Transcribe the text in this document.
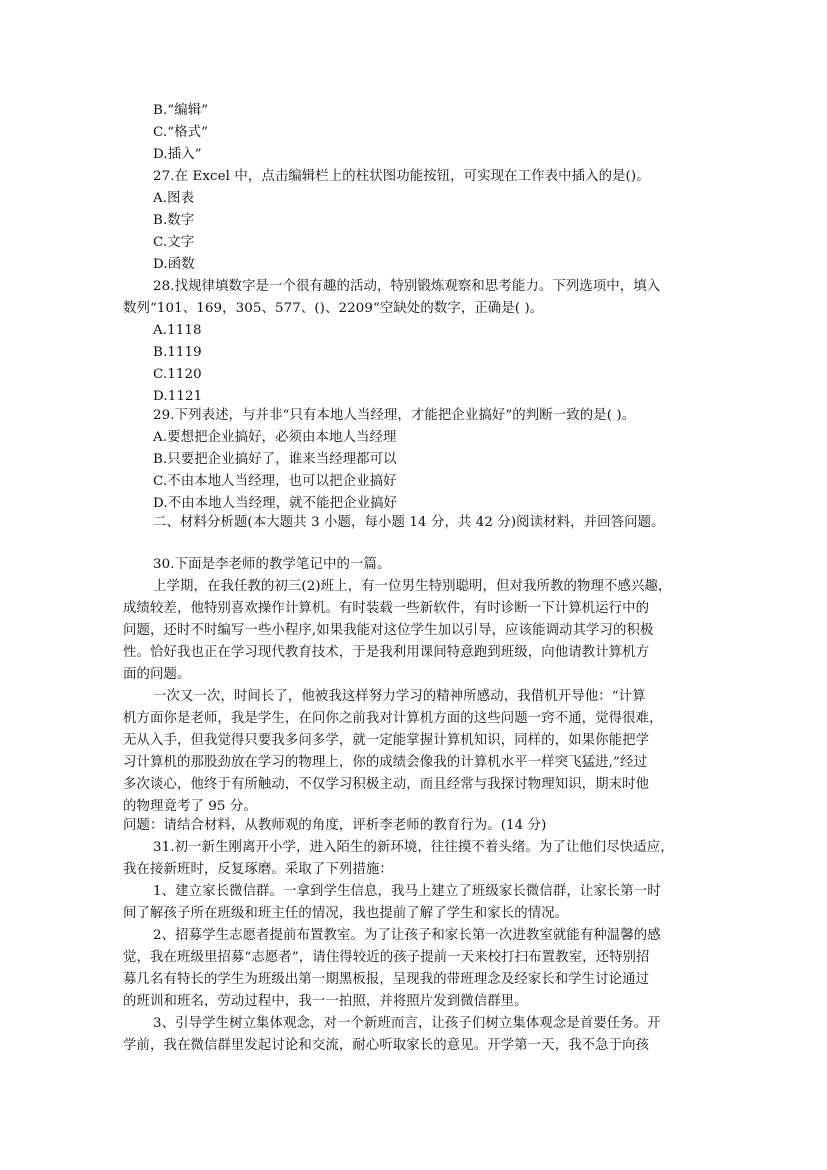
B.“编辑”
C.“格式”
D.插入”
27.在 Excel 中，点击编辑栏上的柱状图功能按钮，可实现在工作表中插入的是()。
A.图表
B.数字
C.文字
D.函数
28.找规律填数字是一个很有趣的活动，特别锻炼观察和思考能力。下列选项中，填入
数列“101、169，305、577、()、2209“空缺处的数字，正确是( )。
A.1118
B.1119
C.1120
D.1121
29.下列表述，与并非“只有本地人当经理，才能把企业搞好”的判断一致的是( )。
A.要想把企业搞好，必须由本地人当经理
B.只要把企业搞好了，谁来当经理都可以
C.不由本地人当经理，也可以把企业搞好
D.不由本地人当经理，就不能把企业搞好
二、材料分析题(本大题共 3 小题，每小题 14 分，共 42 分)阅读材料，并回答问题。
30.下面是李老师的教学笔记中的一篇。
上学期，在我任教的初三(2)班上，有一位男生特别聪明，但对我所教的物理不感兴趣，
成绩较差，他特别喜欢操作计算机。有时装载一些新软件，有时诊断一下计算机运行中的
问题，还时不时编写一些小程序,如果我能对这位学生加以引导，应该能调动其学习的积极
性。恰好我也正在学习现代教育技术，于是我利用课间特意跑到班级，向他请教计算机方
面的问题。
一次又一次，时间长了，他被我这样努力学习的精神所感动，我借机开导他：“计算
机方面你是老师，我是学生，在问你之前我对计算机方面的这些问题一窍不通，觉得很难，
无从入手，但我觉得只要我多问多学，就一定能掌握计算机知识，同样的，如果你能把学
习计算机的那股劲放在学习的物理上，你的成绩会像我的计算机水平一样突飞猛进,”经过
多次谈心，他终于有所触动，不仅学习积极主动，而且经常与我探讨物理知识，期末时他
的物理竟考了 95 分。
问题：请结合材料，从教师观的角度，评析李老师的教育行为。(14 分)
31.初一新生刚离开小学，进入陌生的新环境，往往摸不着头绪。为了让他们尽快适应，
我在接新班时，反复琢磨。采取了下列措施：
1、建立家长微信群。一拿到学生信息，我马上建立了班级家长微信群，让家长第一时
间了解孩子所在班级和班主任的情况，我也提前了解了学生和家长的情况。
2、招募学生志愿者提前布置教室。为了让孩子和家长第一次进教室就能有种温馨的感
觉，我在班级里招募“志愿者”，请住得较近的孩子提前一天来校打扫布置教室，还特别招
募几名有特长的学生为班级出第一期黑板报，呈现我的带班理念及经家长和学生讨论通过
的班训和班名，劳动过程中，我一一拍照，并将照片发到微信群里。
3、引导学生树立集体观念，对一个新班而言，让孩子们树立集体观念是首要任务。开
学前，我在微信群里发起讨论和交流，耐心听取家长的意见。开学第一天，我不急于向孩
